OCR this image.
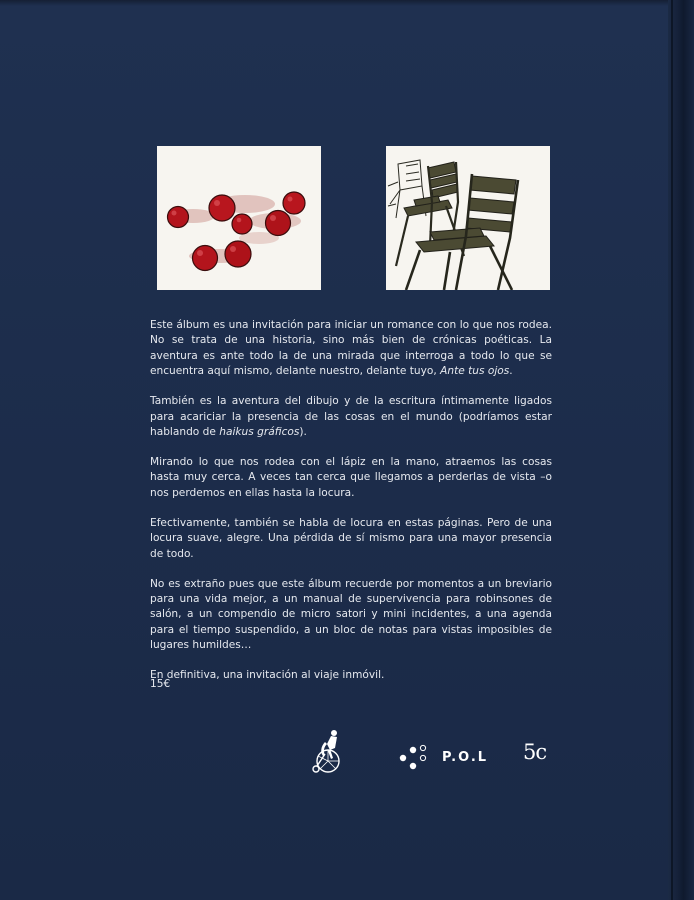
Este álbum es una invitación para iniciar un romance con lo que nos rodea. No se trata de una historia, sino más bien de crónicas poéticas. La aventura es ante todo la de una mirada que interroga a todo lo que se encuentra aquí mismo, delante nuestro, delante tuyo, Ante tus ojos.

También es la aventura del dibujo y de la escritura íntimamente ligados para acariciar la presencia de las cosas en el mundo (podríamos estar hablando de haikus gráficos).

Mirando lo que nos rodea con el lápiz en la mano, atraemos las cosas hasta muy cerca. A veces tan cerca que llegamos a perderlas de vista –o nos perdemos en ellas hasta la locura.

Efectivamente, también se habla de locura en estas páginas. Pero de una locura suave, alegre. Una pérdida de sí mismo para una mayor presencia de todo.

No es extraño pues que este álbum recuerde por momentos a un breviario para una vida mejor, a un manual de supervivencia para robinsones de salón, a un compendio de micro satori y mini incidentes, a una agenda para el tiempo suspendido, a un bloc de notas para vistas imposibles de lugares humildes…

En definitiva, una invitación al viaje inmóvil.

15€
P.O.L 5c
